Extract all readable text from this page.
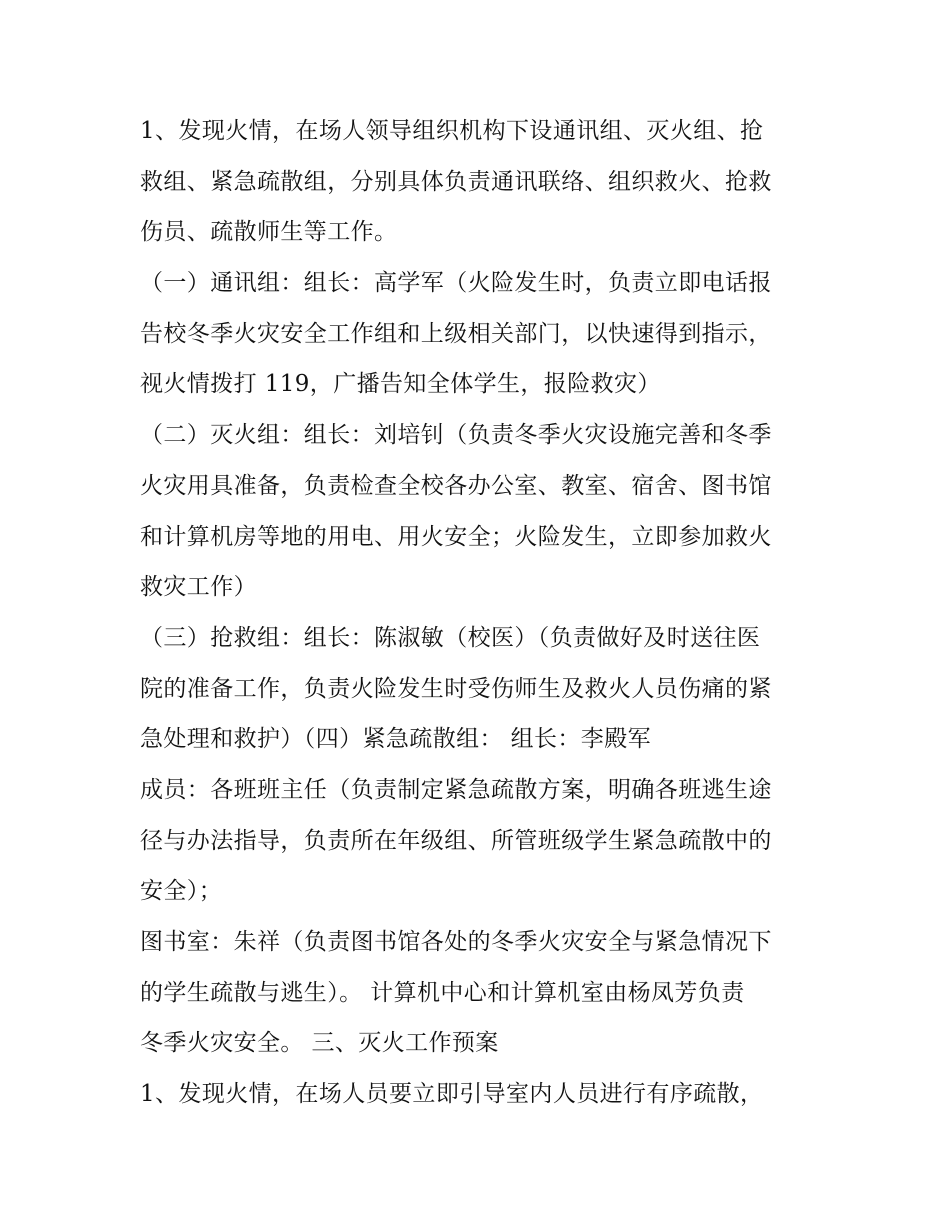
1、发现火情，在场人领导组织机构下设通讯组、灭火组、抢
救组、紧急疏散组，分别具体负责通讯联络、组织救火、抢救
伤员、疏散师生等工作。
（一）通讯组：组长：高学军（火险发生时，负责立即电话报
告校冬季火灾安全工作组和上级相关部门，以快速得到指示，
视火情拨打 119，广播告知全体学生，报险救灾）
（二）灭火组：组长：刘培钊（负责冬季火灾设施完善和冬季
火灾用具准备，负责检查全校各办公室、教室、宿舍、图书馆
和计算机房等地的用电、用火安全；火险发生，立即参加救火
救灾工作）
（三）抢救组：组长：陈淑敏（校医）（负责做好及时送往医
院的准备工作，负责火险发生时受伤师生及救火人员伤痛的紧
急处理和救护）（四）紧急疏散组： 组长：李殿军
成员：各班班主任（负责制定紧急疏散方案，明确各班逃生途
径与办法指导，负责所在年级组、所管班级学生紧急疏散中的
安全）；
图书室：朱祥（负责图书馆各处的冬季火灾安全与紧急情况下
的学生疏散与逃生）。 计算机中心和计算机室由杨凤芳负责
冬季火灾安全。 三、灭火工作预案
1、发现火情，在场人员要立即引导室内人员进行有序疏散，
